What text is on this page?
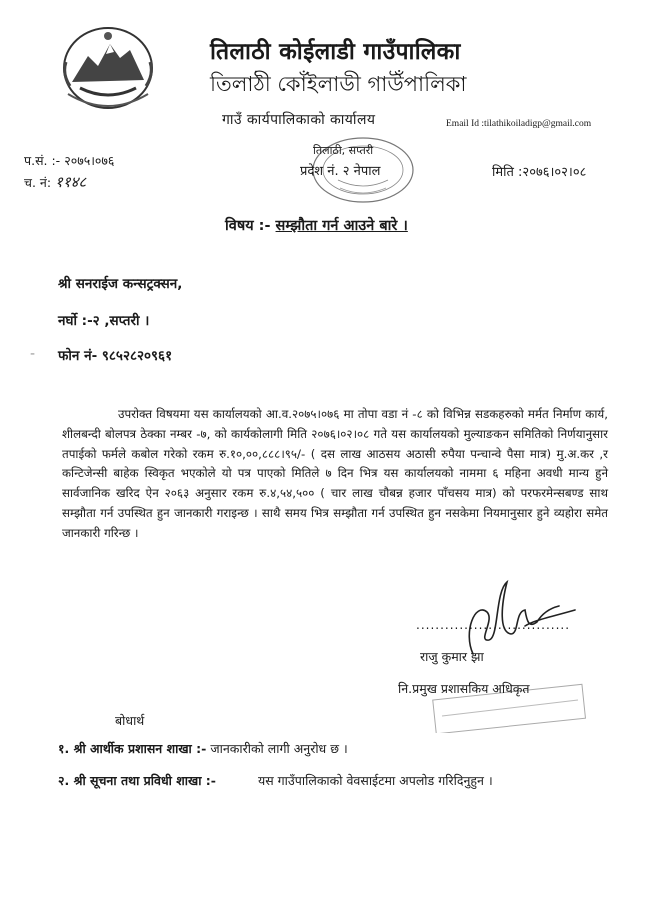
तिलाठी कोईलाडी गाउँपालिका
তিলাঠী কোঁইলাডী গাউঁপালিকা
गाउँ कार्यपालिकाको कार्यालय	Email Id :tilathikoiladigp@gmail.com
प.सं. :- २०७५।०७६
च. नं: ११४८
तिलाठी, सप्तरी
प्रदेश नं. २ नेपाल	मिति :२०७६।०२।०८
विषय :- सम्झौता गर्न आउने बारे ।
श्री सनराईज कन्सट्रक्सन,
नर्घो :-२ ,सप्तरी ।
- फोन नं- ९८५२८२०९६१

उपरोक्त विषयमा यस कार्यालयको आ.व.२०७५।०७६ मा तोपा वडा नं -८ को विभिन्न सडकहरुको मर्मत निर्माण कार्य, शीलबन्दी बोलपत्र ठेक्का नम्बर -७, को कार्यकोलागी मिति २०७६।०२।०८ गते यस कार्यालयको मुल्याङकन समितिको निर्णयानुसार तपाईको फर्मले कबोल गरेको रकम रु.१०,००,८८८।९५/- ( दस लाख आठसय अठासी रुपैया पन्चान्वे पैसा मात्र) मु.अ.कर ,र कन्टिजेन्सी बाहेक स्विकृत भएकोले यो पत्र पाएको मितिले ७ दिन भित्र यस कार्यालयको नाममा ६ महिना अवधी मान्य हुने सार्वजानिक खरिद ऐन २०६३ अनुसार रकम रु.४,५४,५०० ( चार लाख चौबन्न हजार पाँचसय मात्र) को परफरमेन्सबण्ड साथ सम्झौता गर्न उपस्थित हुन जानकारी गराइन्छ । साथै समय भित्र सम्झौता गर्न उपस्थित हुन नसकेमा नियमानुसार हुने व्यहोरा समेत जानकारी गरिन्छ ।

................................
राजु कुमार झा
नि.प्रमुख प्रशासकिय अधिकृत
बोधार्थ
१. श्री आर्थीक प्रशासन शाखा :- जानकारीको लागी अनुरोध छ ।
२. श्री सूचना तथा प्रविधी शाखा :-	यस गाउँपालिकाको वेवसाईटमा अपलोड गरिदिनुहुन ।
